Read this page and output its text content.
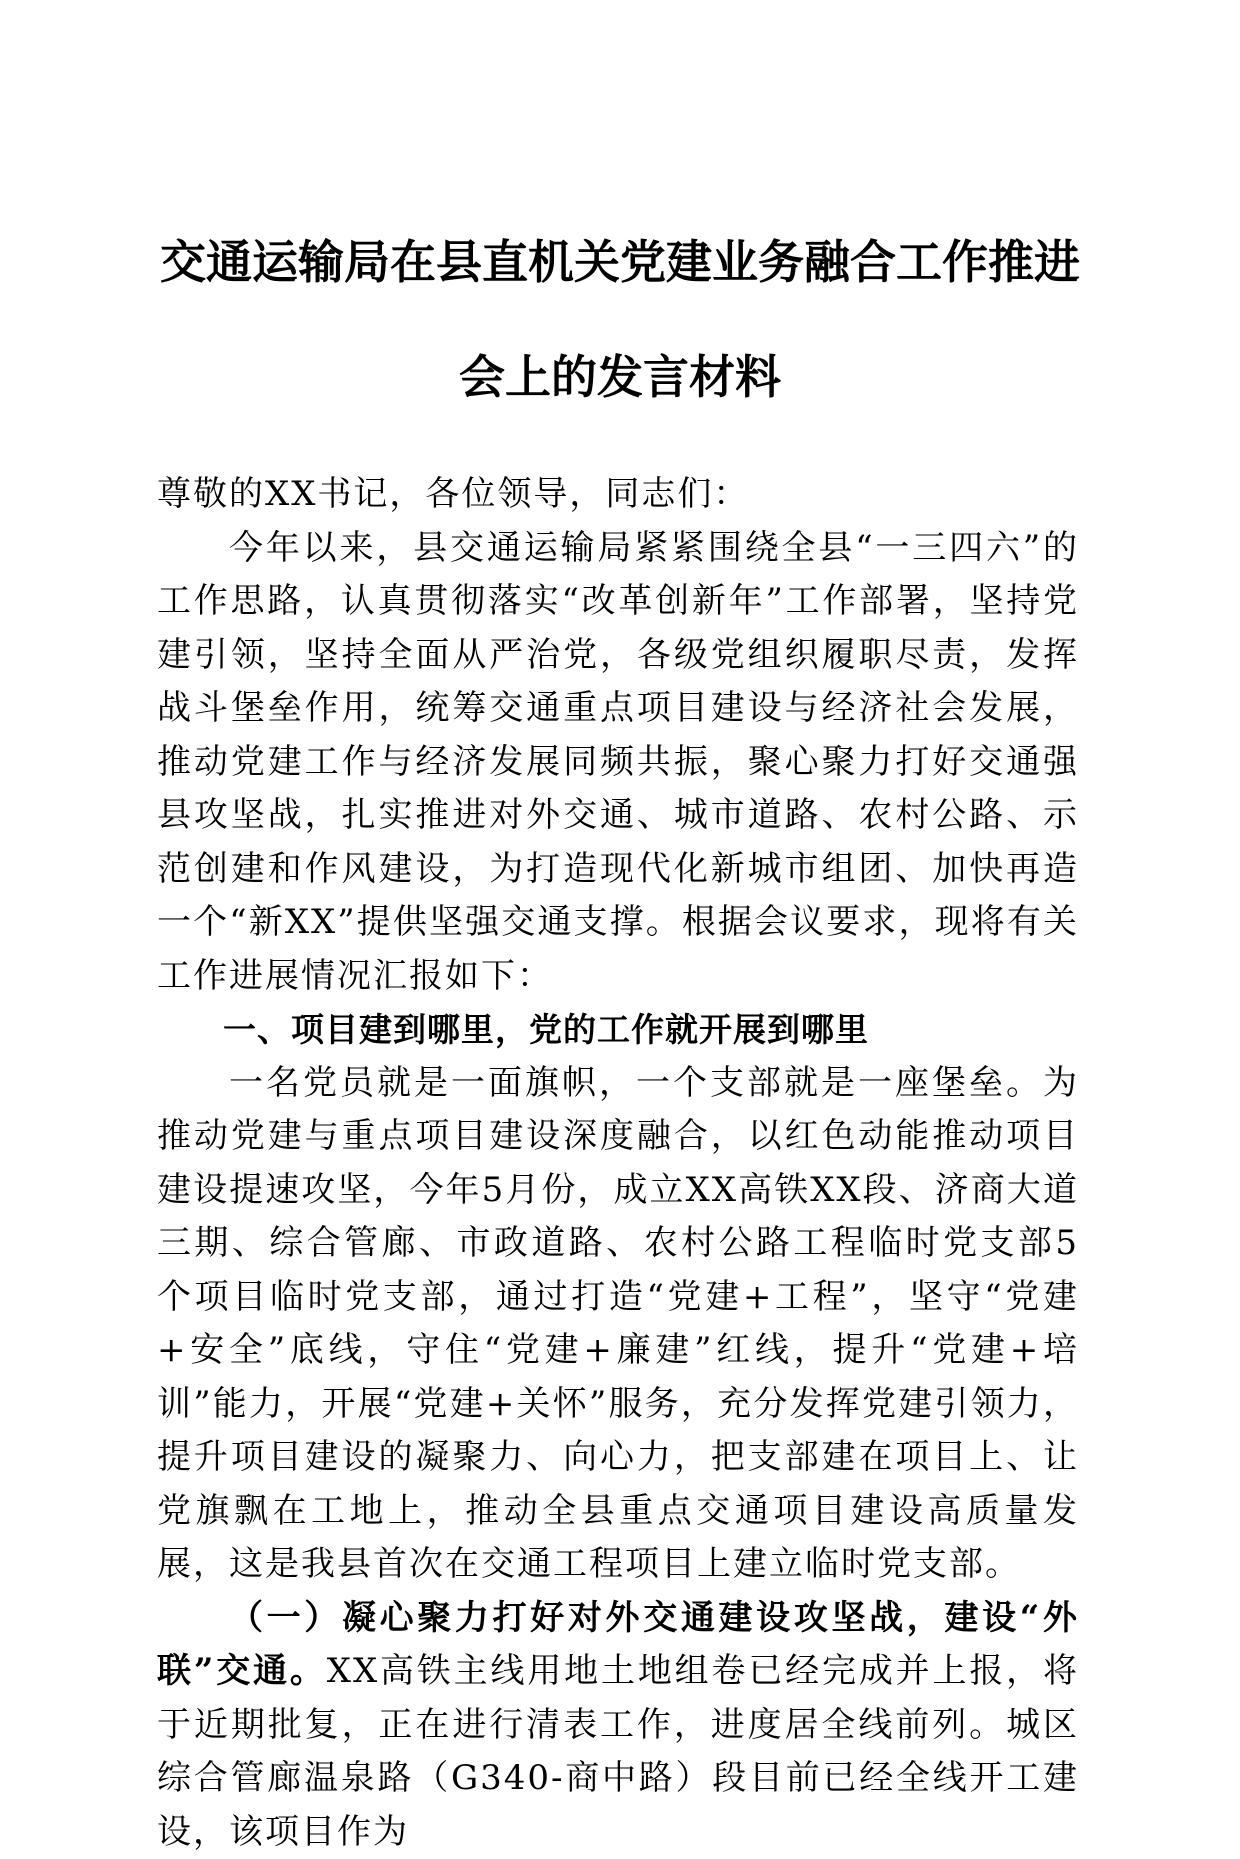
交通运输局在县直机关党建业务融合工作推进
会上的发言材料

尊敬的XX书记，各位领导，同志们：

今年以来，县交通运输局紧紧围绕全县“一三四六”的工作思路，认真贯彻落实“改革创新年”工作部署，坚持党建引领，坚持全面从严治党，各级党组织履职尽责，发挥战斗堡垒作用，统筹交通重点项目建设与经济社会发展，推动党建工作与经济发展同频共振，聚心聚力打好交通强县攻坚战，扎实推进对外交通、城市道路、农村公路、示范创建和作风建设，为打造现代化新城市组团、加快再造一个“新XX”提供坚强交通支撑。根据会议要求，现将有关工作进展情况汇报如下：

一、项目建到哪里，党的工作就开展到哪里

一名党员就是一面旗帜，一个支部就是一座堡垒。为推动党建与重点项目建设深度融合，以红色动能推动项目建设提速攻坚，今年5月份，成立XX高铁XX段、济商大道三期、综合管廊、市政道路、农村公路工程临时党支部5个项目临时党支部，通过打造“党建+工程”，坚守“党建+安全”底线，守住“党建+廉建”红线，提升“党建+培训”能力，开展“党建+关怀”服务，充分发挥党建引领力，提升项目建设的凝聚力、向心力，把支部建在项目上、让党旗飘在工地上，推动全县重点交通项目建设高质量发展，这是我县首次在交通工程项目上建立临时党支部。

（一）凝心聚力打好对外交通建设攻坚战，建设“外联”交通。XX高铁主线用地土地组卷已经完成并上报，将于近期批复，正在进行清表工作，进度居全线前列。城区综合管廊温泉路（G340-商中路）段目前已经全线开工建设，该项目作为
